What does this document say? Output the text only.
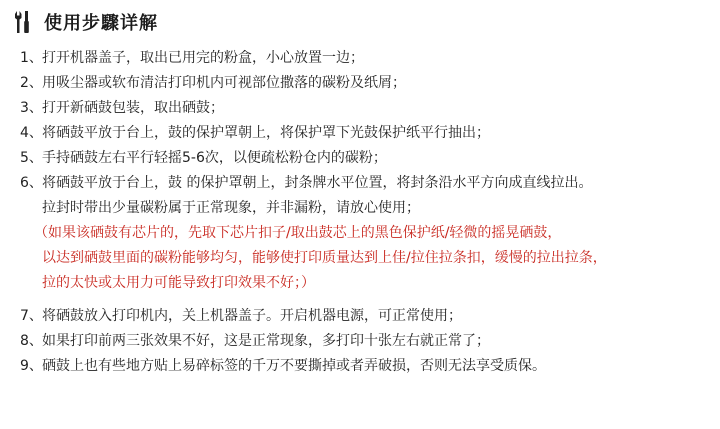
使用步驟详解
1、打开机器盖子，取出已用完的粉盒，小心放置一边；
2、用吸尘器或软布清洁打印机内可视部位撒落的碳粉及纸屑；
3、打开新硒鼓包装，取出硒鼓；
4、将硒鼓平放于台上，鼓的保护罩朝上，将保护罩下光鼓保护纸平行抽出；
5、手持硒鼓左右平行轻摇5-6次，以便疏松粉仓内的碳粉；
6、将硒鼓平放于台上，鼓 的保护罩朝上，封条牌水平位置，将封条沿水平方向成直线拉出。
拉封时带出少量碳粉属于正常现象，并非漏粉，请放心使用；
（如果该硒鼓有芯片的，先取下芯片扣子/取出鼓芯上的黑色保护纸/轻微的摇晃硒鼓，
以达到硒鼓里面的碳粉能够均匀，能够使打印质量达到上佳/拉住拉条扣，缓慢的拉出拉条，
拉的太快或太用力可能导致打印效果不好；）
7、将硒鼓放入打印机内，关上机器盖子。开启机器电源，可正常使用；
8、如果打印前两三张效果不好，这是正常现象，多打印十张左右就正常了；
9、硒鼓上也有些地方贴上易碎标签的千万不要撕掉或者弄破损，否则无法享受质保。
